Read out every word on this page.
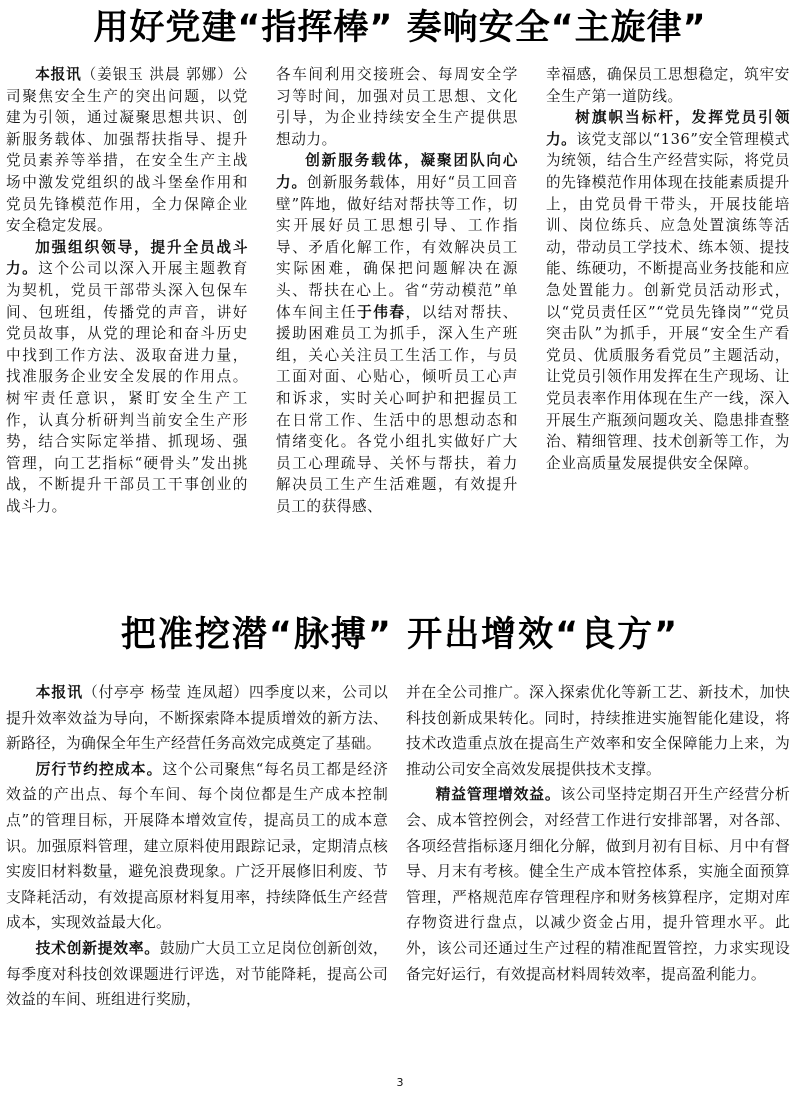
用好党建“指挥棒” 奏响安全“主旋律”

本报讯（姜银玉 洪晨 郭娜）公司聚焦安全生产的突出问题，以党建为引领，通过凝聚思想共识、创新服务载体、加强帮扶指导、提升党员素养等举措，在安全生产主战场中激发党组织的战斗堡垒作用和党员先锋模范作用，全力保障企业安全稳定发展。

加强组织领导，提升全员战斗力。这个公司以深入开展主题教育为契机，党员干部带头深入包保车间、包班组，传播党的声音，讲好党员故事，从党的理论和奋斗历史中找到工作方法、汲取奋进力量，找准服务企业安全发展的作用点。树牢责任意识，紧盯安全生产工作，认真分析研判当前安全生产形势，结合实际定举措、抓现场、强管理，向工艺指标“硬骨头”发出挑战，不断提升干部员工干事创业的战斗力。

各车间利用交接班会、每周安全学习等时间，加强对员工思想、文化引导，为企业持续安全生产提供思想动力。

创新服务载体，凝聚团队向心力。创新服务载体，用好“员工回音壁”阵地，做好结对帮扶等工作，切实开展好员工思想引导、工作指导、矛盾化解工作，有效解决员工实际困难，确保把问题解决在源头、帮扶在心上。省“劳动模范”单体车间主任于伟春，以结对帮扶、援助困难员工为抓手，深入生产班组，关心关注员工生活工作，与员工面对面、心贴心，倾听员工心声和诉求，实时关心呵护和把握员工在日常工作、生活中的思想动态和情绪变化。各党小组扎实做好广大员工心理疏导、关怀与帮扶，着力解决员工生产生活难题，有效提升员工的获得感、

幸福感，确保员工思想稳定，筑牢安全生产第一道防线。

树旗帜当标杆，发挥党员引领力。该党支部以“136”安全管理模式为统领，结合生产经营实际，将党员的先锋模范作用体现在技能素质提升上，由党员骨干带头，开展技能培训、岗位练兵、应急处置演练等活动，带动员工学技术、练本领、提技能、练硬功，不断提高业务技能和应急处置能力。创新党员活动形式，以“党员责任区”“党员先锋岗”“党员突击队”为抓手，开展“安全生产看党员、优质服务看党员”主题活动，让党员引领作用发挥在生产现场、让党员表率作用体现在生产一线，深入开展生产瓶颈问题攻关、隐患排查整治、精细管理、技术创新等工作，为企业高质量发展提供安全保障。

把准挖潜“脉搏” 开出增效“良方”

本报讯（付亭亭 杨莹 连凤超）四季度以来，公司以提升效率效益为导向，不断探索降本提质增效的新方法、新路径，为确保全年生产经营任务高效完成奠定了基础。

厉行节约控成本。这个公司聚焦“每名员工都是经济效益的产出点、每个车间、每个岗位都是生产成本控制点”的管理目标，开展降本增效宣传，提高员工的成本意识。加强原料管理，建立原料使用跟踪记录，定期清点核实废旧材料数量，避免浪费现象。广泛开展修旧利废、节支降耗活动，有效提高原材料复用率，持续降低生产经营成本，实现效益最大化。

技术创新提效率。鼓励广大员工立足岗位创新创效，每季度对科技创效课题进行评选，对节能降耗，提高公司效益的车间、班组进行奖励，

并在全公司推广。深入探索优化等新工艺、新技术，加快科技创新成果转化。同时，持续推进实施智能化建设，将技术改造重点放在提高生产效率和安全保障能力上来，为推动公司安全高效发展提供技术支撑。

精益管理增效益。该公司坚持定期召开生产经营分析会、成本管控例会，对经营工作进行安排部署，对各部、各项经营指标逐月细化分解，做到月初有目标、月中有督导、月末有考核。健全生产成本管控体系，实施全面预算管理，严格规范库存管理程序和财务核算程序，定期对库存物资进行盘点，以减少资金占用，提升管理水平。此外，该公司还通过生产过程的精准配置管控，力求实现设备完好运行，有效提高材料周转效率，提高盈利能力。

3
